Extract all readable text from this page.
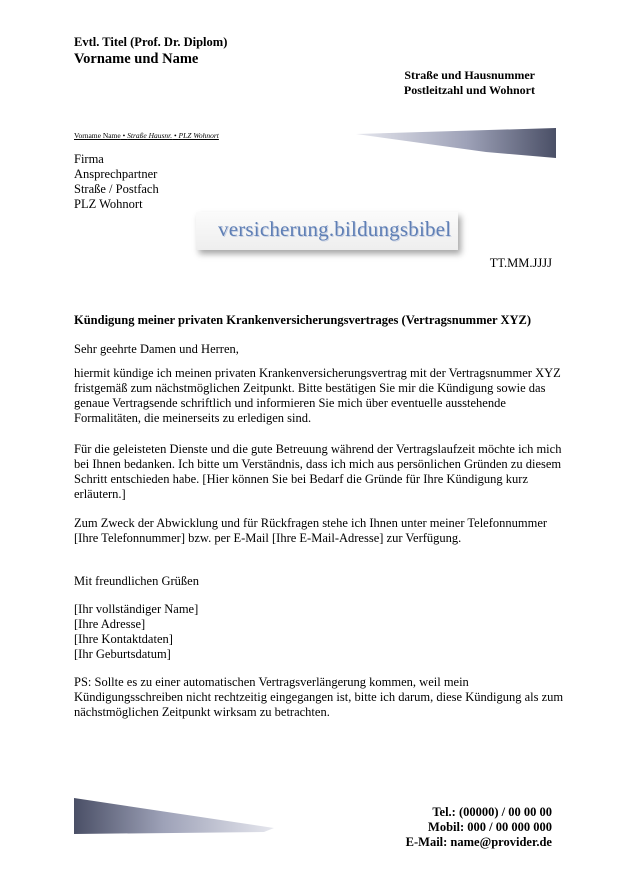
Evtl. Titel (Prof. Dr. Diplom)
Vorname und Name
Straße und Hausnummer
Postleitzahl und Wohnort
Vorname Name • Straße Hausnr. • PLZ Wohnort
Firma
Ansprechpartner
Straße / Postfach
PLZ Wohnort
versicherung.bildungsbibel
TT.MM.JJJJ
Kündigung meiner privaten Krankenversicherungsvertrages (Vertragsnummer XYZ)
Sehr geehrte Damen und Herren,
hiermit kündige ich meinen privaten Krankenversicherungsvertrag mit der Vertragsnummer XYZ fristgemäß zum nächstmöglichen Zeitpunkt. Bitte bestätigen Sie mir die Kündigung sowie das genaue Vertragsende schriftlich und informieren Sie mich über eventuelle ausstehende Formalitäten, die meinerseits zu erledigen sind.
Für die geleisteten Dienste und die gute Betreuung während der Vertragslaufzeit möchte ich mich bei Ihnen bedanken. Ich bitte um Verständnis, dass ich mich aus persönlichen Gründen zu diesem Schritt entschieden habe. [Hier können Sie bei Bedarf die Gründe für Ihre Kündigung kurz erläutern.]
Zum Zweck der Abwicklung und für Rückfragen stehe ich Ihnen unter meiner Telefonnummer [Ihre Telefonnummer] bzw. per E-Mail [Ihre E-Mail-Adresse] zur Verfügung.
Mit freundlichen Grüßen
[Ihr vollständiger Name]
[Ihre Adresse]
[Ihre Kontaktdaten]
[Ihr Geburtsdatum]
PS: Sollte es zu einer automatischen Vertragsverlängerung kommen, weil mein Kündigungsschreiben nicht rechtzeitig eingegangen ist, bitte ich darum, diese Kündigung als zum nächstmöglichen Zeitpunkt wirksam zu betrachten.
Tel.: (00000) / 00 00 00
Mobil: 000 / 00 000 000
E-Mail: name@provider.de
